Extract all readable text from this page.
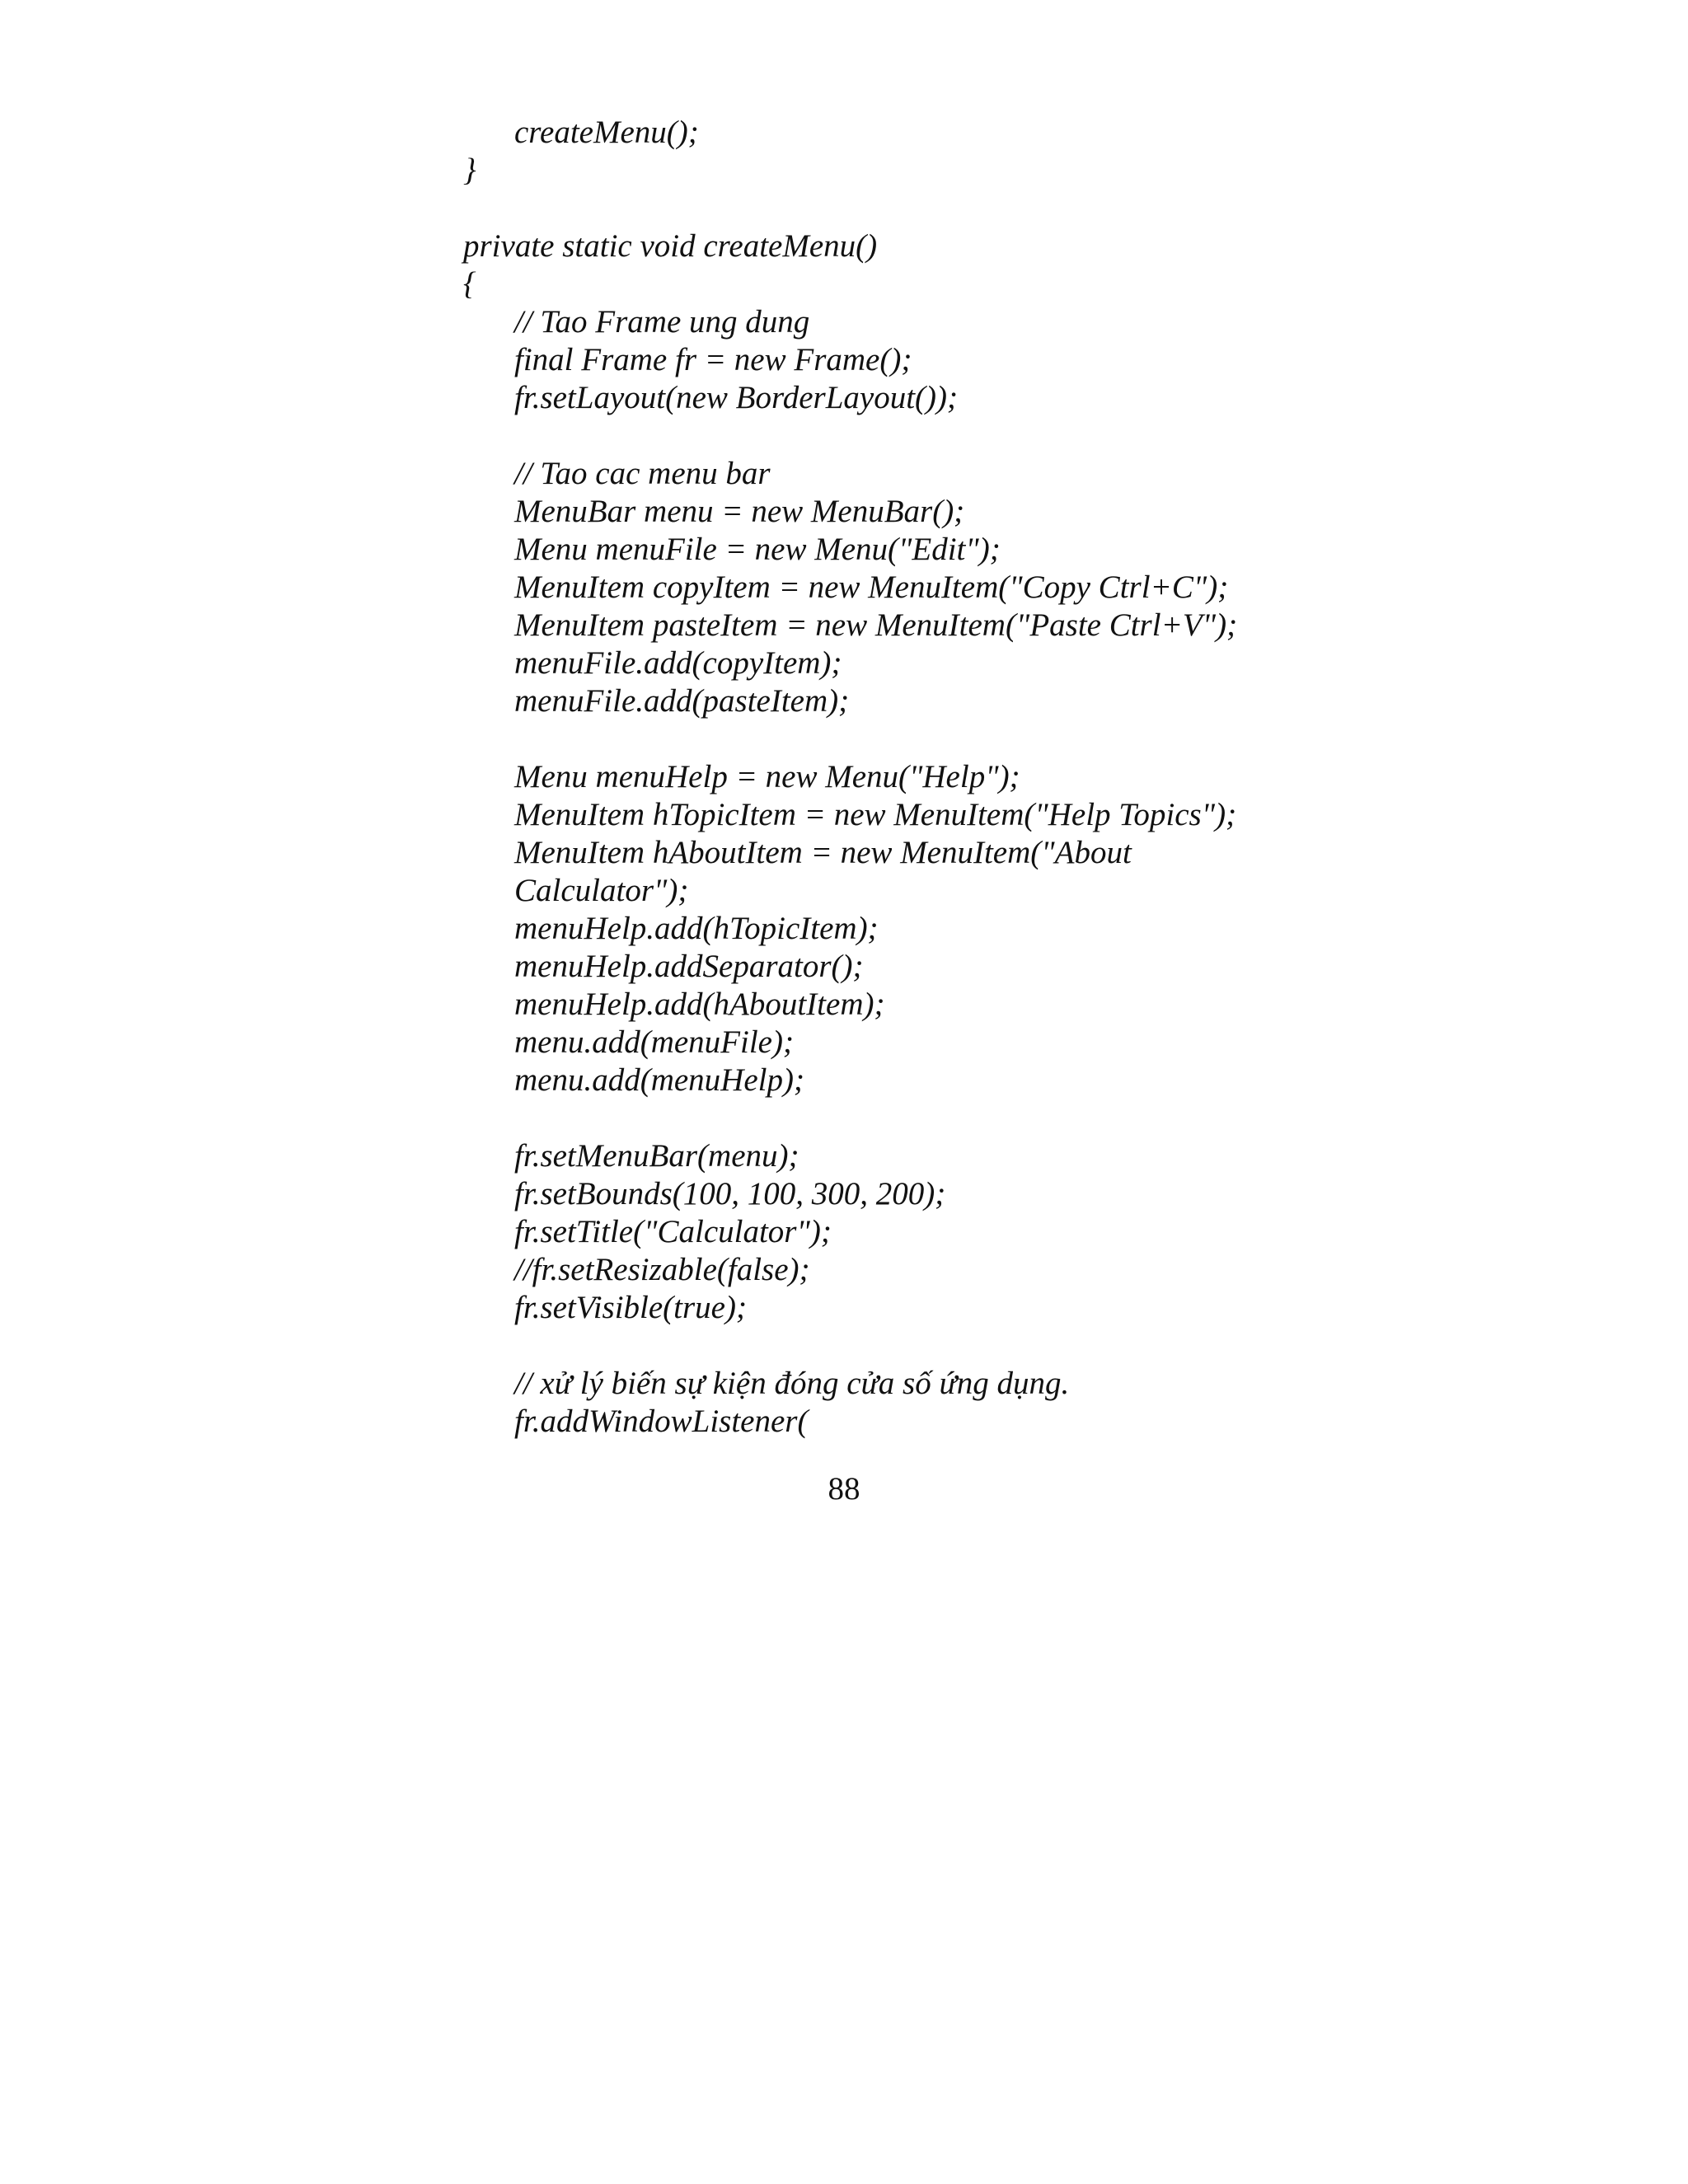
createMenu();
}
private static void createMenu()
{
// Tao Frame ung dung
final Frame fr = new Frame();
fr.setLayout(new BorderLayout());
// Tao cac menu bar
MenuBar menu = new MenuBar();
Menu menuFile = new Menu("Edit");
MenuItem copyItem = new MenuItem("Copy Ctrl+C");
MenuItem pasteItem = new MenuItem("Paste Ctrl+V");
menuFile.add(copyItem);
menuFile.add(pasteItem);
Menu menuHelp = new Menu("Help");
MenuItem hTopicItem = new MenuItem("Help Topics");
MenuItem hAboutItem = new MenuItem("About
Calculator");
menuHelp.add(hTopicItem);
menuHelp.addSeparator();
menuHelp.add(hAboutItem);
menu.add(menuFile);
menu.add(menuHelp);
fr.setMenuBar(menu);
fr.setBounds(100, 100, 300, 200);
fr.setTitle("Calculator");
//fr.setResizable(false);
fr.setVisible(true);
// xử lý biến sự kiện đóng cửa số ứng dụng.
fr.addWindowListener(
88
